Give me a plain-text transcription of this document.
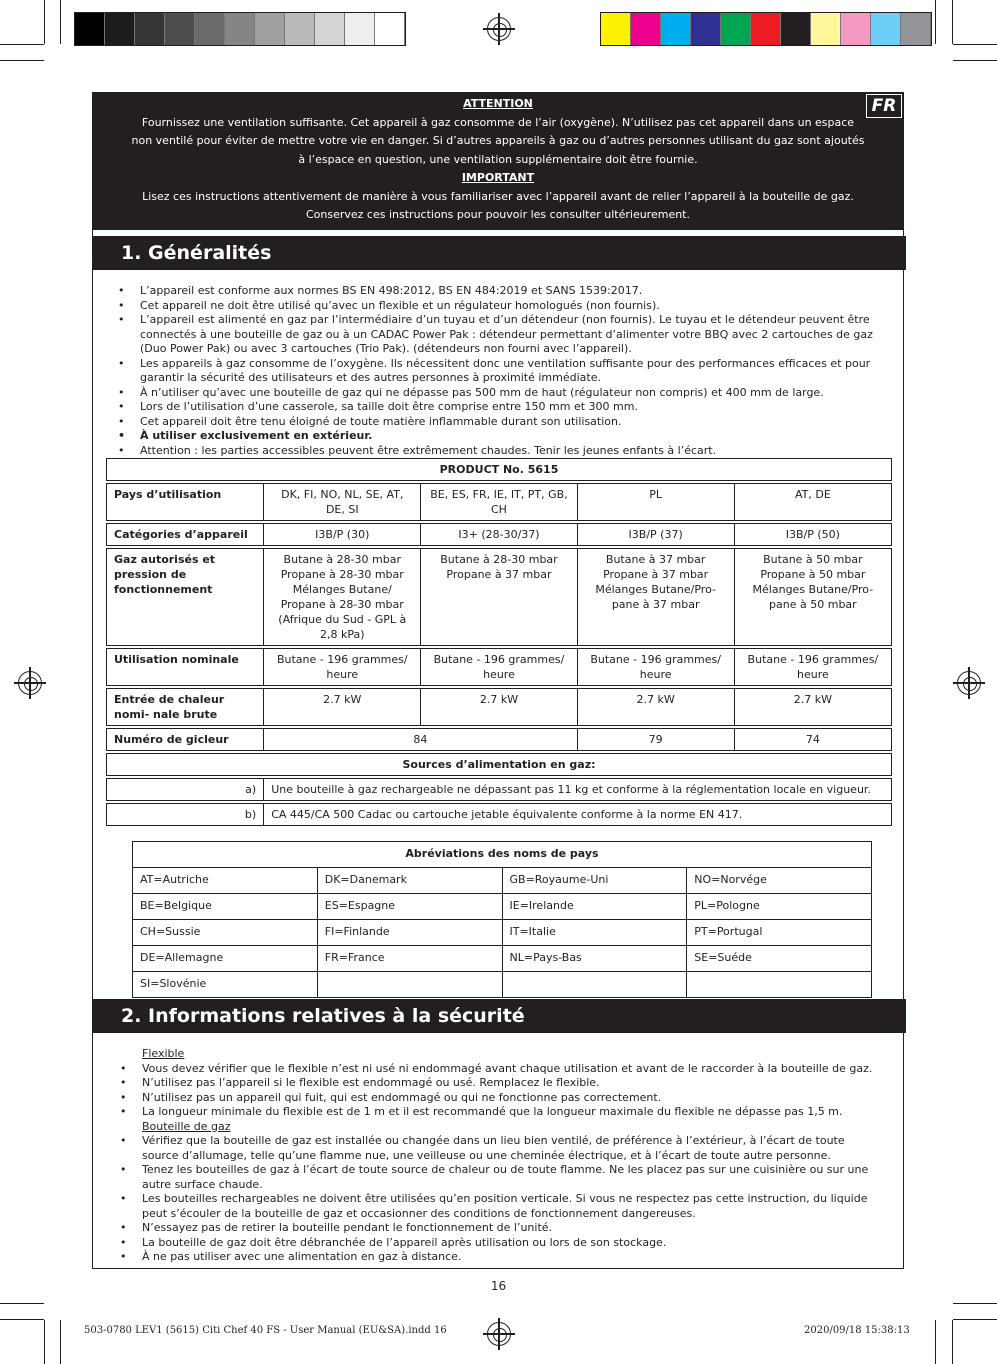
ATTENTION
Fournissez une ventilation suffisante. Cet appareil à gaz consomme de l’air (oxygène). N’utilisez pas cet appareil dans un espace
non ventilé pour éviter de mettre votre vie en danger. Si d’autres appareils à gaz ou d’autres personnes utilisant du gaz sont ajoutés
à l’espace en question, une ventilation supplémentaire doit être fournie.
IMPORTANT
Lisez ces instructions attentivement de manière à vous familiariser avec l’appareil avant de relier l’appareil à la bouteille de gaz.
Conservez ces instructions pour pouvoir les consulter ultérieurement.
FR
1. Généralités
• L’appareil est conforme aux normes BS EN 498:2012, BS EN 484:2019 et SANS 1539:2017.
• Cet appareil ne doit être utilisé qu’avec un flexible et un régulateur homologués (non fournis).
• L’appareil est alimenté en gaz par l’intermédiaire d’un tuyau et d’un détendeur (non fournis). Le tuyau et le détendeur peuvent être connectés à une bouteille de gaz ou à un CADAC Power Pak : détendeur permettant d’alimenter votre BBQ avec 2 cartouches de gaz (Duo Power Pak) ou avec 3 cartouches (Trio Pak). (détendeurs non fourni avec l’appareil).
• Les appareils à gaz consomme de l’oxygène. Ils nécessitent donc une ventilation suffisante pour des performances efficaces et pour garantir la sécurité des utilisateurs et des autres personnes à proximité immédiate.
• À n’utiliser qu’avec une bouteille de gaz qui ne dépasse pas 500 mm de haut (régulateur non compris) et 400 mm de large.
• Lors de l’utilisation d’une casserole, sa taille doit être comprise entre 150 mm et 300 mm.
• Cet appareil doit être tenu éloigné de toute matière inflammable durant son utilisation.
• À utiliser exclusivement en extérieur.
• Attention : les parties accessibles peuvent être extrêmement chaudes. Tenir les jeunes enfants à l’écart.
PRODUCT No. 5615				

Pays d’utilisation	DK, FI, NO, NL, SE, AT, DE, SI	BE, ES, FR, IE, IT, PT, GB, CH	PL	AT, DE

Catégories d’appareil	I3B/P (30)	I3+ (28-30/37)	I3B/P (37)	I3B/P (50)

Gaz autorisés et pression de fonctionnement	Butane à 28-30 mbar Propane à 28-30 mbar Mélanges Butane/ Propane à 28-30 mbar (Afrique du Sud - GPL à 2,8 kPa)	Butane à 28-30 mbar Propane à 37 mbar	Butane à 37 mbar Propane à 37 mbar Mélanges Butane/Pro- pane à 37 mbar	Butane à 50 mbar Propane à 50 mbar Mélanges Butane/Pro- pane à 50 mbar

Utilisation nominale	Butane - 196 grammes/ heure	Butane - 196 grammes/ heure	Butane - 196 grammes/ heure	Butane - 196 grammes/ heure

Entrée de chaleur nomi- nale brute	2.7 kW	2.7 kW	2.7 kW	2.7 kW

Numéro de gicleur	84		79	74

Sources d’alimentation en gaz:				

a)	Une bouteille à gaz rechargeable ne dépassant pas 11 kg et conforme à la réglementation locale en vigueur.			

b)	CA 445/CA 500 Cadac ou cartouche jetable équivalente conforme à la norme EN 417.			
Abréviations des noms de pays			
AT=Autriche	DK=Danemark	GB=Royaume-Uni	NO=Norvége
BE=Belgique	ES=Espagne	IE=Irelande	PL=Pologne
CH=Sussie	FI=Finlande	IT=Italie	PT=Portugal
DE=Allemagne	FR=France	NL=Pays-Bas	SE=Suéde
SI=Slovénie			
2. Informations relatives à la sécurité
Flexible
• Vous devez vérifier que le flexible n’est ni usé ni endommagé avant chaque utilisation et avant de le raccorder à la bouteille de gaz.
• N’utilisez pas l’appareil si le flexible est endommagé ou usé. Remplacez le flexible.
• N’utilisez pas un appareil qui fuit, qui est endommagé ou qui ne fonctionne pas correctement.
• La longueur minimale du flexible est de 1 m et il est recommandé que la longueur maximale du flexible ne dépasse pas 1,5 m.
Bouteille de gaz
• Vérifiez que la bouteille de gaz est installée ou changée dans un lieu bien ventilé, de préférence à l’extérieur, à l’écart de toute source d’allumage, telle qu’une flamme nue, une veilleuse ou une cheminée électrique, et à l’écart de toute autre personne.
• Tenez les bouteilles de gaz à l’écart de toute source de chaleur ou de toute flamme. Ne les placez pas sur une cuisinière ou sur une autre surface chaude.
• Les bouteilles rechargeables ne doivent être utilisées qu’en position verticale. Si vous ne respectez pas cette instruction, du liquide peut s’écouler de la bouteille de gaz et occasionner des conditions de fonctionnement dangereuses.
• N’essayez pas de retirer la bouteille pendant le fonctionnement de l’unité.
• La bouteille de gaz doit être débranchée de l’appareil après utilisation ou lors de son stockage.
• À ne pas utiliser avec une alimentation en gaz à distance.
16
503-0780 LEV1 (5615) Citi Chef 40 FS - User Manual (EU&SA).indd 16	2020/09/18 15:38:13
